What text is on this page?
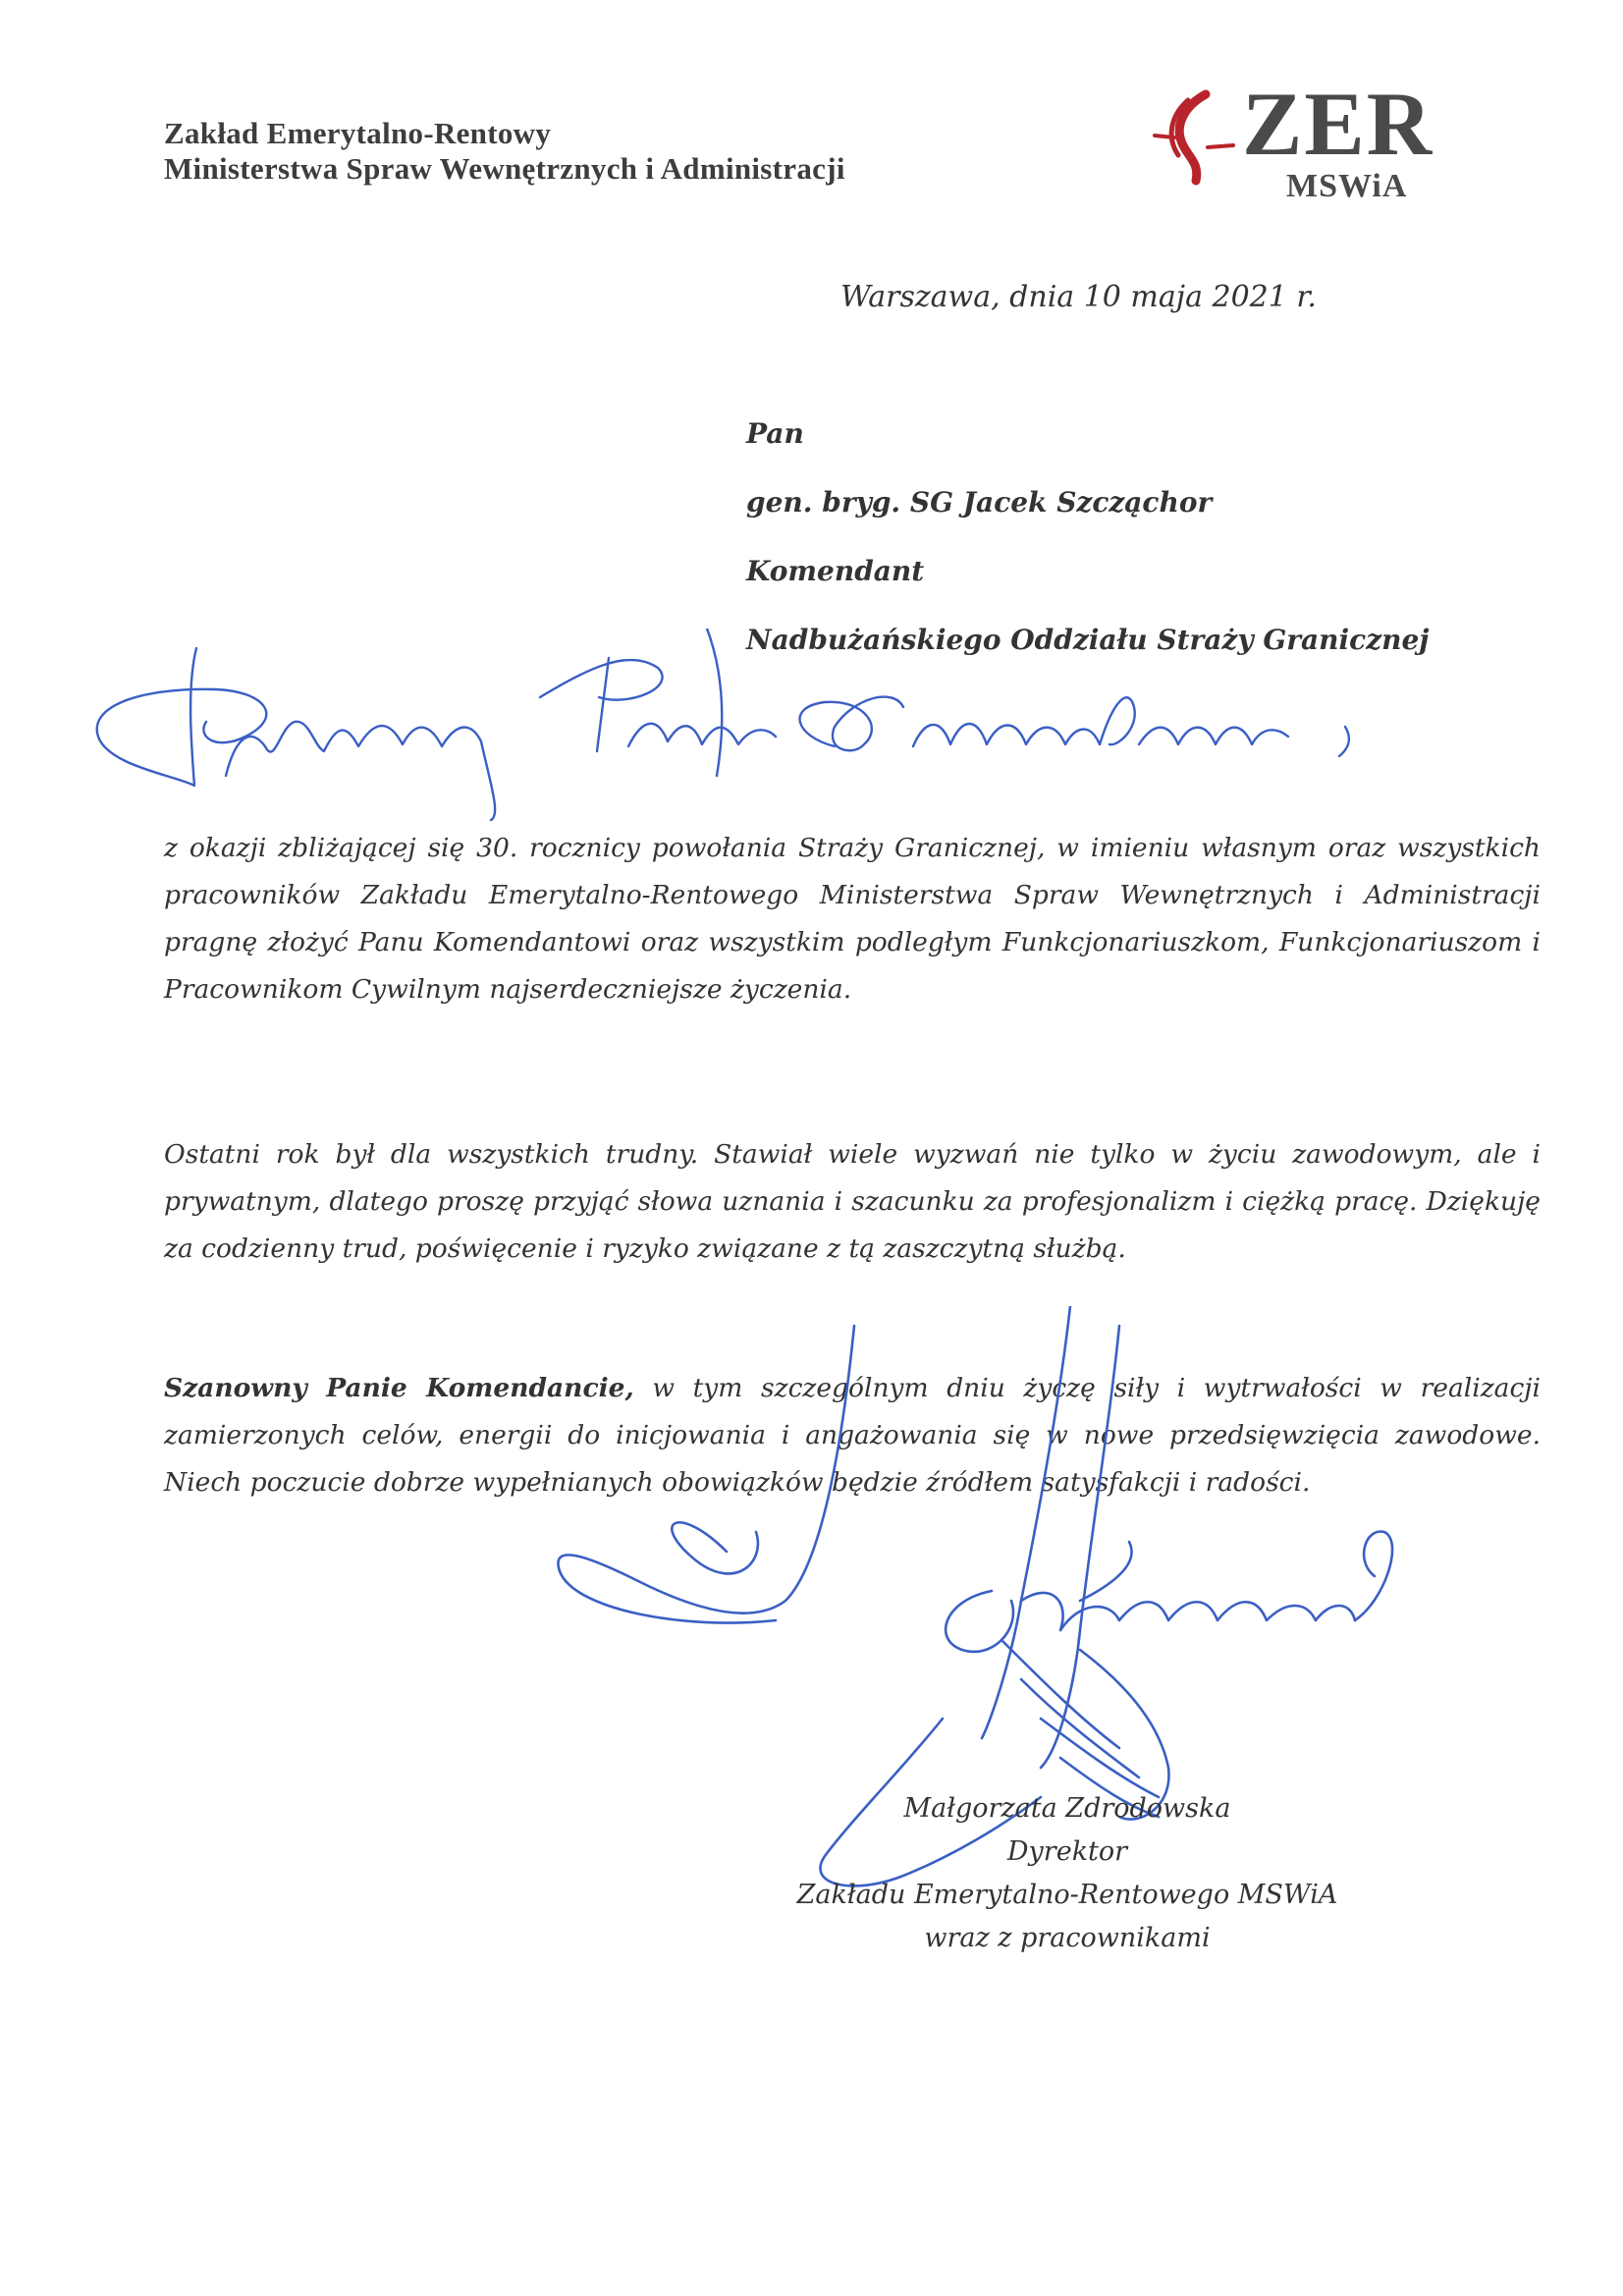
Zakład Emerytalno-Rentowy
Ministerstwa Spraw Wewnętrznych i Administracji	ZER
MSWiA
Warszawa, dnia 10 maja 2021 r.
Pan
gen. bryg. SG Jacek Szcząchor
Komendant
Nadbużańskiego Oddziału Straży Granicznej
z okazji zbliżającej się 30. rocznicy powołania Straży Granicznej, w imieniu własnym oraz wszystkich pracowników Zakładu Emerytalno-Rentowego Ministerstwa Spraw Wewnętrznych i Administracji pragnę złożyć Panu Komendantowi oraz wszystkim podległym Funkcjonariuszkom, Funkcjonariuszom i Pracownikom Cywilnym najserdeczniejsze życzenia.
Ostatni rok był dla wszystkich trudny. Stawiał wiele wyzwań nie tylko w życiu zawodowym, ale i prywatnym, dlatego proszę przyjąć słowa uznania i szacunku za profesjonalizm i ciężką pracę. Dziękuję za codzienny trud, poświęcenie i ryzyko związane z tą zaszczytną służbą.
Szanowny Panie Komendancie, w tym szczególnym dniu życzę siły i wytrwałości w realizacji zamierzonych celów, energii do inicjowania i angażowania się w nowe przedsięwzięcia zawodowe. Niech poczucie dobrze wypełnianych obowiązków będzie źródłem satysfakcji i radości.
Małgorzata Zdrodowska
Dyrektor
Zakładu Emerytalno-Rentowego MSWiA
wraz z pracownikami
